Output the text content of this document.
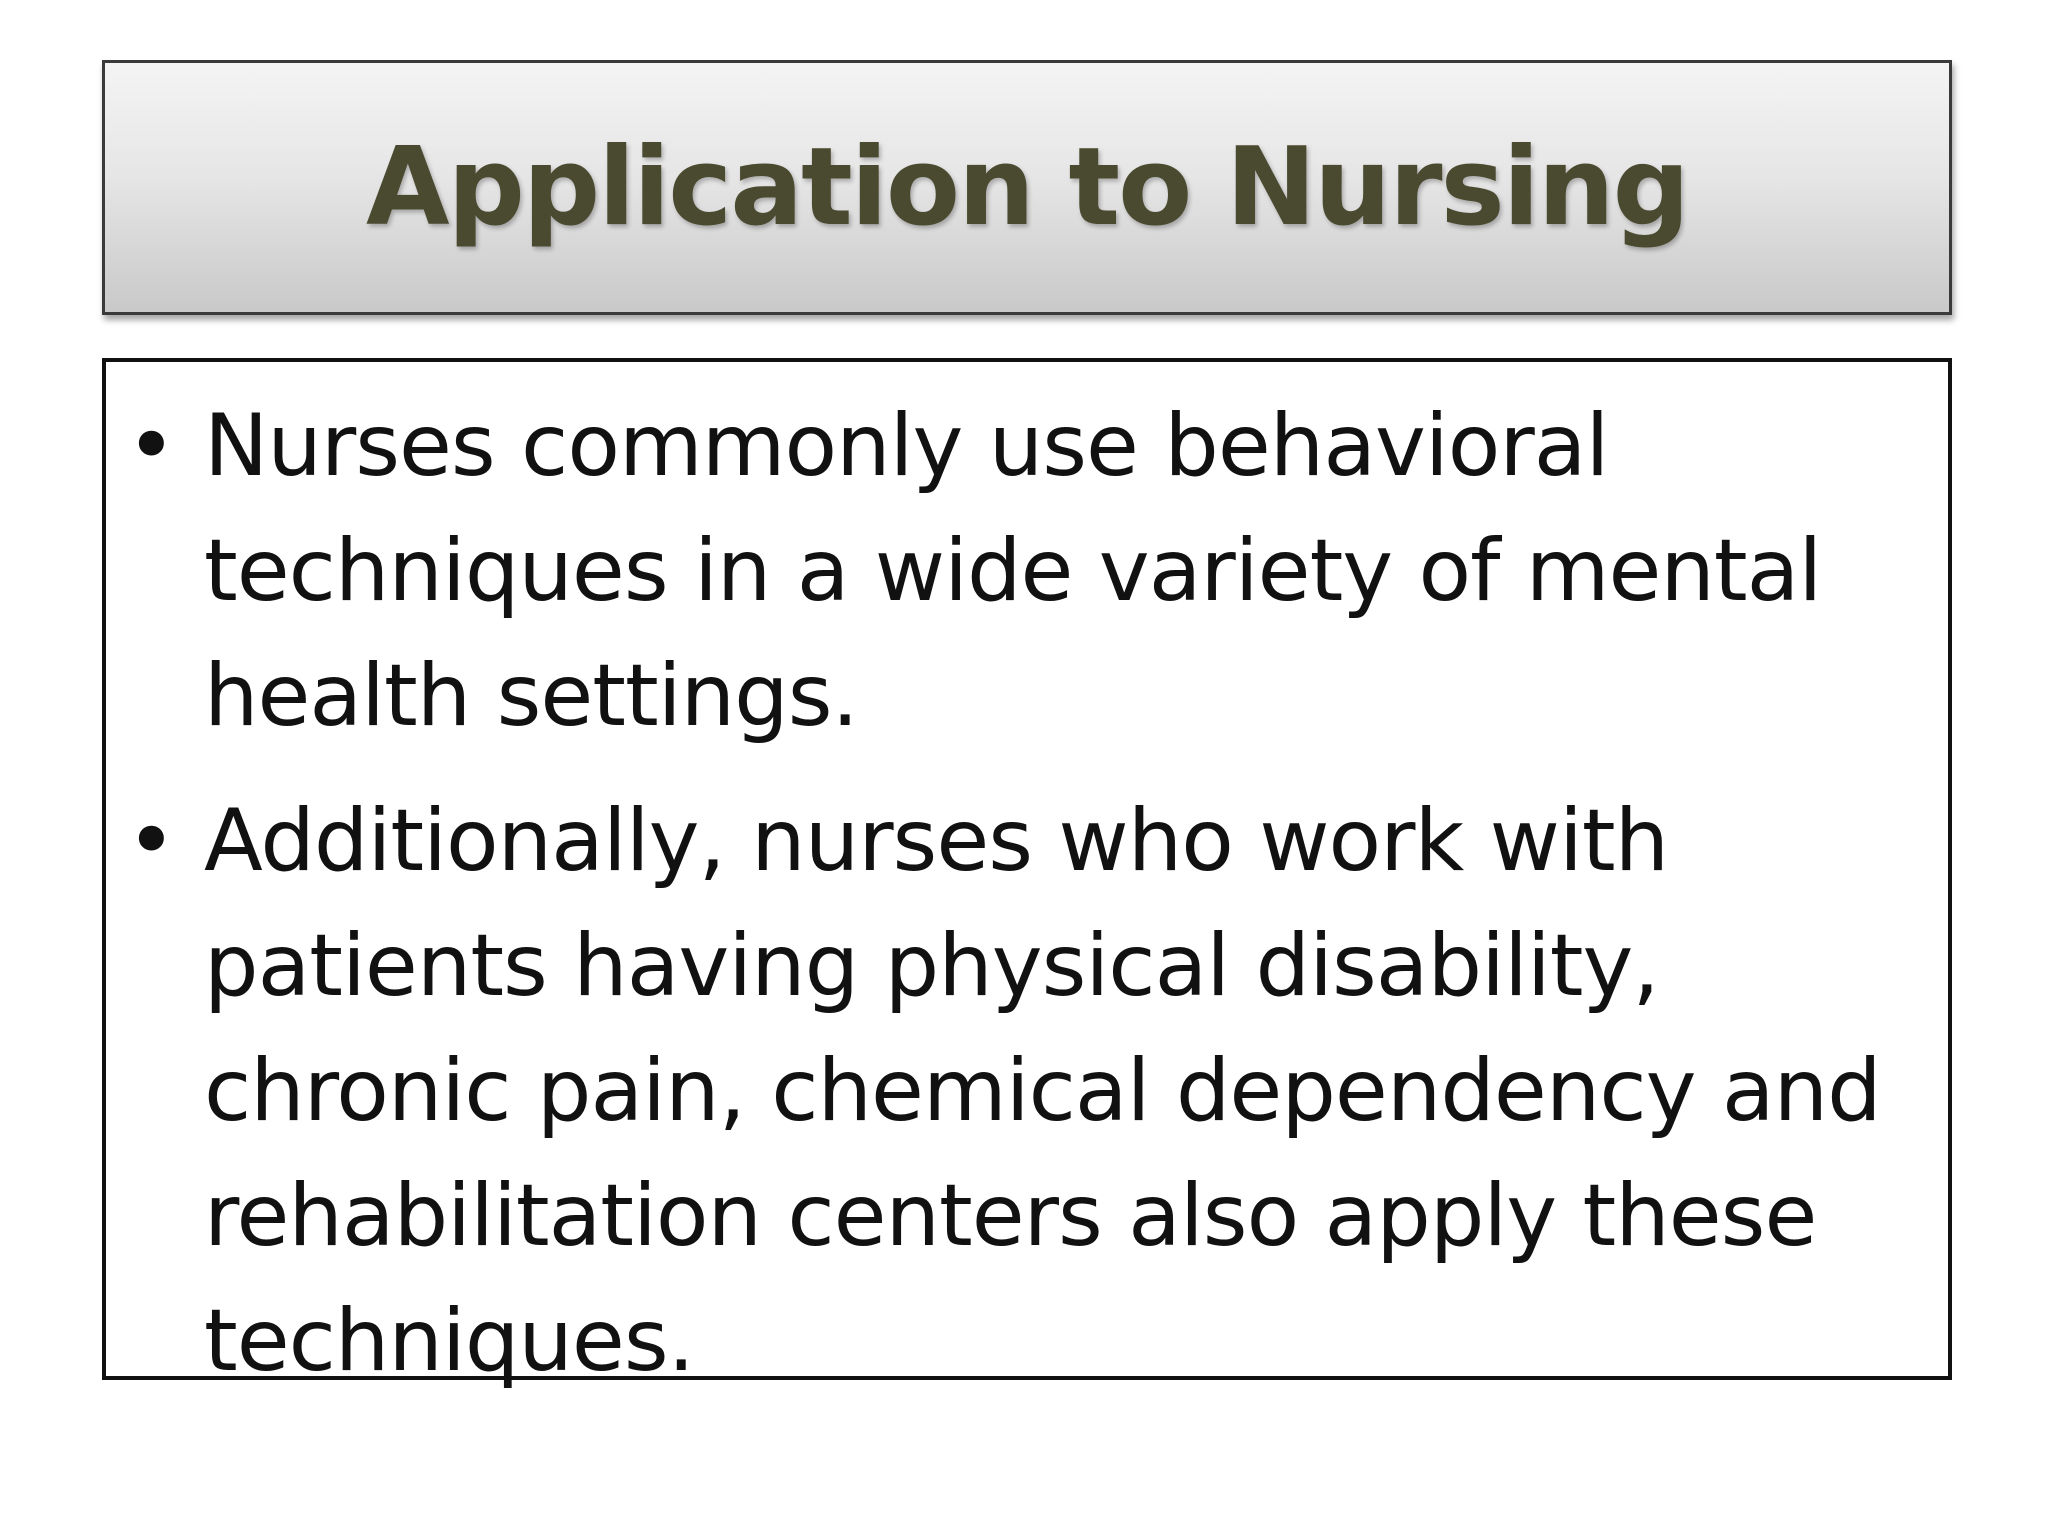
Application to Nursing
• Nurses commonly use behavioral techniques in a wide variety of mental health settings.
• Additionally, nurses who work with patients having physical disability, chronic pain, chemical dependency and rehabilitation centers also apply these techniques.
